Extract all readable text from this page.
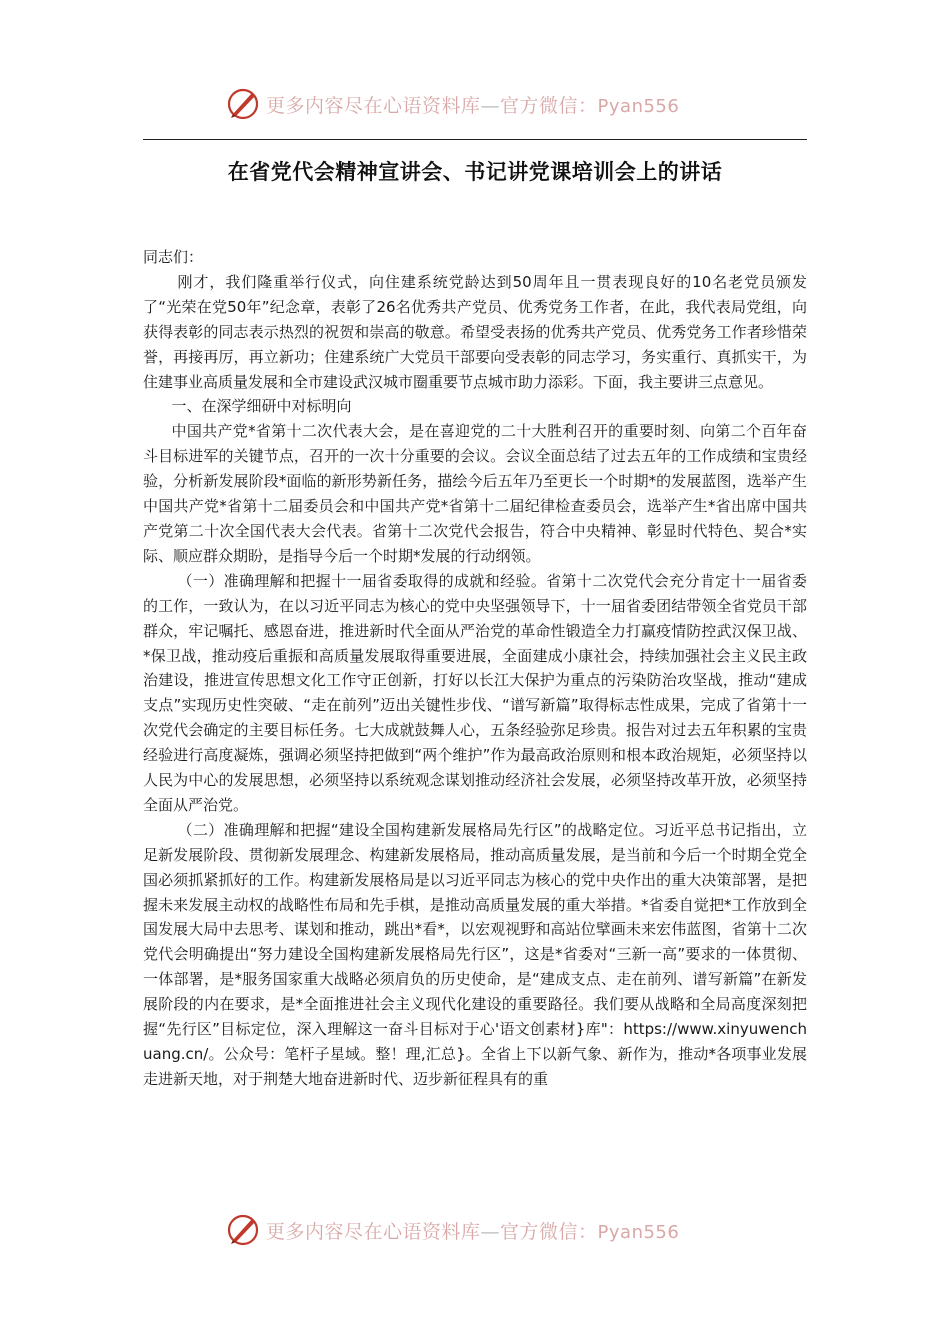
更多内容尽在心语资料库—官方微信：Pyan556
在省党代会精神宣讲会、书记讲党课培训会上的讲话

同志们：

刚才，我们隆重举行仪式，向住建系统党龄达到50周年且一贯表现良好的10名老党员颁发了“光荣在党50年”纪念章，表彰了26名优秀共产党员、优秀党务工作者，在此，我代表局党组，向获得表彰的同志表示热烈的祝贺和崇高的敬意。希望受表扬的优秀共产党员、优秀党务工作者珍惜荣誉，再接再厉，再立新功；住建系统广大党员干部要向受表彰的同志学习，务实重行、真抓实干，为住建事业高质量发展和全市建设武汉城市圈重要节点城市助力添彩。下面，我主要讲三点意见。

一、在深学细研中对标明向

中国共产党*省第十二次代表大会，是在喜迎党的二十大胜利召开的重要时刻、向第二个百年奋斗目标进军的关键节点，召开的一次十分重要的会议。会议全面总结了过去五年的工作成绩和宝贵经验，分析新发展阶段*面临的新形势新任务，描绘今后五年乃至更长一个时期*的发展蓝图，选举产生中国共产党*省第十二届委员会和中国共产党*省第十二届纪律检查委员会，选举产生*省出席中国共产党第二十次全国代表大会代表。省第十二次党代会报告，符合中央精神、彰显时代特色、契合*实际、顺应群众期盼，是指导今后一个时期*发展的行动纲领。

（一）准确理解和把握十一届省委取得的成就和经验。省第十二次党代会充分肯定十一届省委的工作，一致认为，在以习近平同志为核心的党中央坚强领导下，十一届省委团结带领全省党员干部群众，牢记嘱托、感恩奋进，推进新时代全面从严治党的革命性锻造全力打赢疫情防控武汉保卫战、*保卫战，推动疫后重振和高质量发展取得重要进展，全面建成小康社会，持续加强社会主义民主政治建设，推进宣传思想文化工作守正创新，打好以长江大保护为重点的污染防治攻坚战，推动“建成支点”实现历史性突破、“走在前列”迈出关键性步伐、“谱写新篇”取得标志性成果，完成了省第十一次党代会确定的主要目标任务。七大成就鼓舞人心，五条经验弥足珍贵。报告对过去五年积累的宝贵经验进行高度凝炼，强调必须坚持把做到“两个维护”作为最高政治原则和根本政治规矩，必须坚持以人民为中心的发展思想，必须坚持以系统观念谋划推动经济社会发展，必须坚持改革开放，必须坚持全面从严治党。

（二）准确理解和把握“建设全国构建新发展格局先行区”的战略定位。习近平总书记指出，立足新发展阶段、贯彻新发展理念、构建新发展格局，推动高质量发展，是当前和今后一个时期全党全国必须抓紧抓好的工作。构建新发展格局是以习近平同志为核心的党中央作出的重大决策部署，是把握未来发展主动权的战略性布局和先手棋，是推动高质量发展的重大举措。*省委自觉把*工作放到全国发展大局中去思考、谋划和推动，跳出*看*，以宏观视野和高站位擘画未来宏伟蓝图，省第十二次党代会明确提出“努力建设全国构建新发展格局先行区”，这是*省委对“三新一高”要求的一体贯彻、一体部署，是*服务国家重大战略必须肩负的历史使命，是“建成支点、走在前列、谱写新篇”在新发展阶段的内在要求，是*全面推进社会主义现代化建设的重要路径。我们要从战略和全局高度深刻把握“先行区”目标定位，深入理解这一奋斗目标对于心'语文创素材}库"：https://www.xinyuwenchuang.cn/。公众号：笔杆子星域。整！理,汇总}。全省上下以新气象、新作为，推动*各项事业发展走进新天地，对于荆楚大地奋进新时代、迈步新征程具有的重

更多内容尽在心语资料库—官方微信：Pyan556
